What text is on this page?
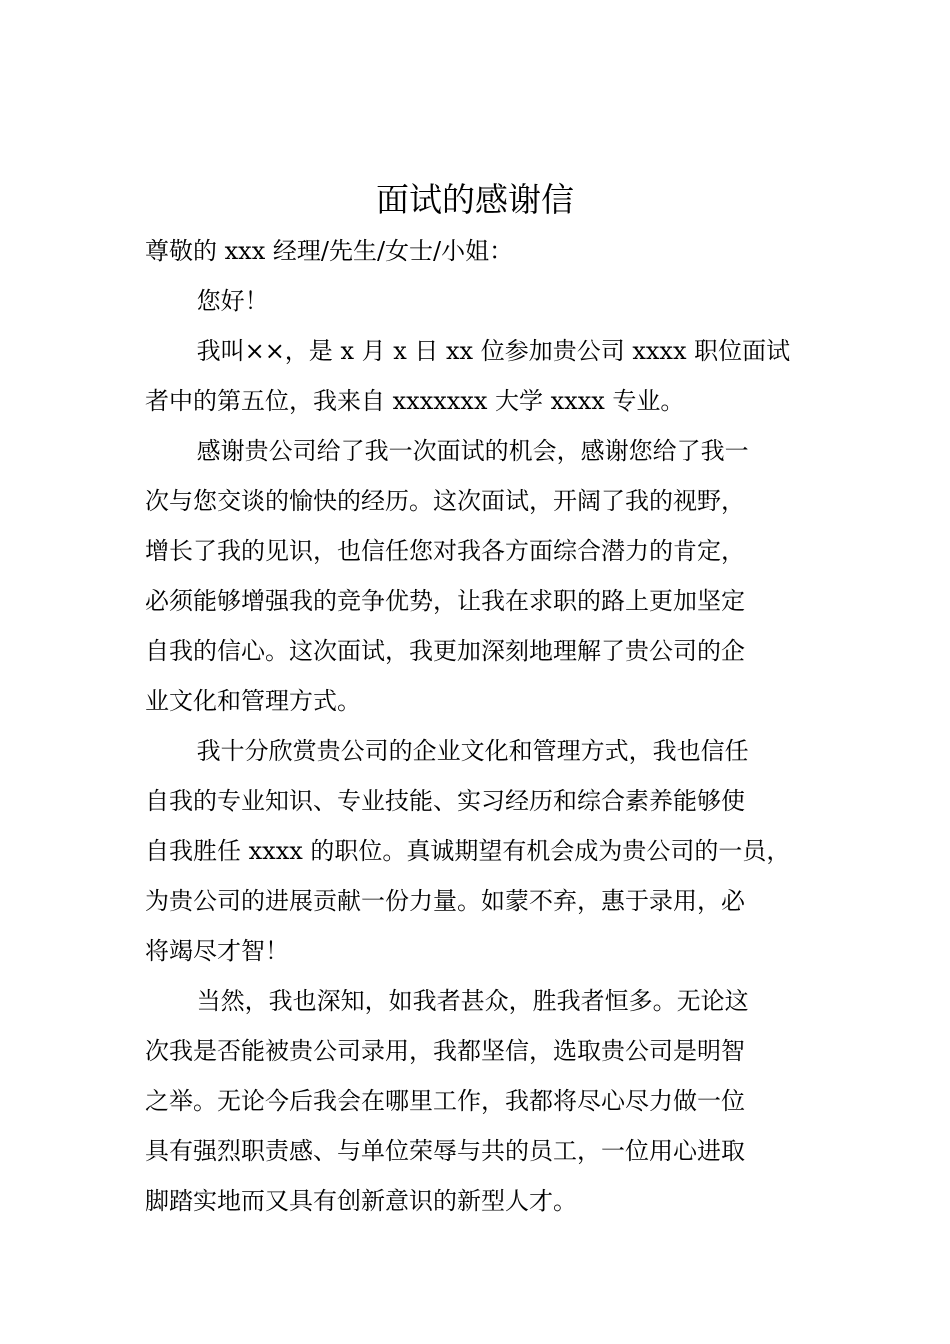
面试的感谢信

尊敬的 xxx 经理/先生/女士/小姐：

您好！

我叫××，是 x 月 x 日 xx 位参加贵公司 xxxx 职位面试
者中的第五位，我来自 xxxxxxx 大学 xxxx 专业。

感谢贵公司给了我一次面试的机会，感谢您给了我一
次与您交谈的愉快的经历。这次面试，开阔了我的视野，
增长了我的见识，也信任您对我各方面综合潜力的肯定，
必须能够增强我的竞争优势，让我在求职的路上更加坚定
自我的信心。这次面试，我更加深刻地理解了贵公司的企
业文化和管理方式。

我十分欣赏贵公司的企业文化和管理方式，我也信任
自我的专业知识、专业技能、实习经历和综合素养能够使
自我胜任 xxxx 的职位。真诚期望有机会成为贵公司的一员，
为贵公司的进展贡献一份力量。如蒙不弃，惠于录用，必
将竭尽才智！

当然，我也深知，如我者甚众，胜我者恒多。无论这
次我是否能被贵公司录用，我都坚信，选取贵公司是明智
之举。无论今后我会在哪里工作，我都将尽心尽力做一位
具有强烈职责感、与单位荣辱与共的员工，一位用心进取
脚踏实地而又具有创新意识的新型人才。
